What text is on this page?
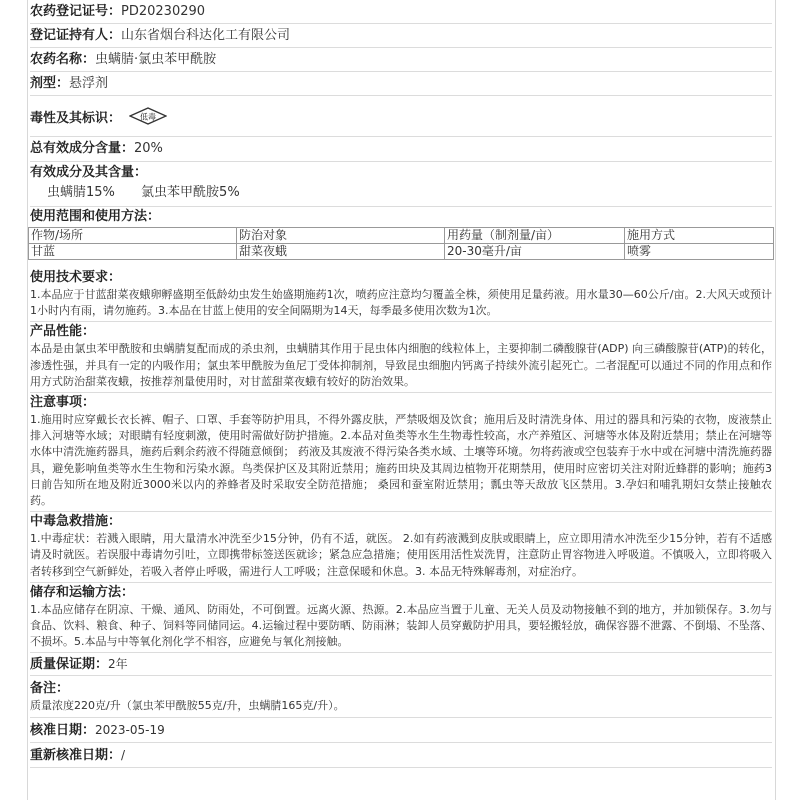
农药登记证号： PD20230290
登记证持有人： 山东省烟台科达化工有限公司
农药名称： 虫螨腈·氯虫苯甲酰胺
剂型： 悬浮剂
毒性及其标识： 低毒
总有效成分含量： 20%
有效成分及其含量：
虫螨腈15% 氯虫苯甲酰胺5%
使用范围和使用方法：
作物/场所	防治对象	用药量（制剂量/亩）	施用方式
甘蓝	甜菜夜蛾	20-30毫升/亩	喷雾
使用技术要求：
1.本品应于甘蓝甜菜夜蛾卵孵盛期至低龄幼虫发生始盛期施药1次，喷药应注意均匀覆盖全株，须使用足量药液。用水量30—60公斤/亩。2.大风天或预计1小时内有雨，请勿施药。3.本品在甘蓝上使用的安全间隔期为14天，每季最多使用次数为1次。
产品性能：
本品是由氯虫苯甲酰胺和虫螨腈复配而成的杀虫剂，虫螨腈其作用于昆虫体内细胞的线粒体上，主要抑制二磷酸腺苷(ADP) 向三磷酸腺苷(ATP)的转化，渗透性强，并具有一定的内吸作用；氯虫苯甲酰胺为鱼尼丁受体抑制剂，导致昆虫细胞内钙离子持续外流引起死亡。二者混配可以通过不同的作用点和作用方式防治甜菜夜蛾，按推荐剂量使用时，对甘蓝甜菜夜蛾有较好的防治效果。
注意事项：
1.施用时应穿戴长衣长裤、帽子、口罩、手套等防护用具，不得外露皮肤，严禁吸烟及饮食；施用后及时清洗身体、用过的器具和污染的衣物，废液禁止排入河塘等水域；对眼睛有轻度刺激，使用时需做好防护措施。2.本品对鱼类等水生生物毒性较高，水产养殖区、河塘等水体及附近禁用；禁止在河塘等水体中清洗施药器具，施药后剩余药液不得随意倾倒； 药液及其废液不得污染各类水域、土壤等环境。勿将药液或空包装弃于水中或在河塘中清洗施药器具，避免影响鱼类等水生生物和污染水源。鸟类保护区及其附近禁用；施药田块及其周边植物开花期禁用，使用时应密切关注对附近蜂群的影响；施药3日前告知所在地及附近3000米以内的养蜂者及时采取安全防范措施； 桑园和蚕室附近禁用；瓢虫等天敌放飞区禁用。3.孕妇和哺乳期妇女禁止接触农药。
中毒急救措施：
1.中毒症状：若溅入眼睛，用大量清水冲洗至少15分钟，仍有不适，就医。 2.如有药液溅到皮肤或眼睛上，应立即用清水冲洗至少15分钟，若有不适感请及时就医。若误服中毒请勿引吐，立即携带标签送医就诊；紧急应急措施；使用医用活性炭洗胃，注意防止胃容物进入呼吸道。不慎吸入，立即将吸入者转移到空气新鲜处，若吸入者停止呼吸，需进行人工呼吸；注意保暖和休息。3. 本品无特殊解毒剂，对症治疗。
储存和运输方法：
1.本品应储存在阴凉、干燥、通风、防雨处，不可倒置。远离火源、热源。2.本品应当置于儿童、无关人员及动物接触不到的地方，并加锁保存。3.勿与食品、饮料、粮食、种子、饲料等同储同运。4.运输过程中要防晒、防雨淋；装卸人员穿戴防护用具，要轻搬轻放，确保容器不泄露、不倒塌、不坠落、不损坏。5.本品与中等氧化剂化学不相容，应避免与氧化剂接触。
质量保证期： 2年
备注：
质量浓度220克/升（氯虫苯甲酰胺55克/升，虫螨腈165克/升）。
核准日期： 2023-05-19
重新核准日期： /
